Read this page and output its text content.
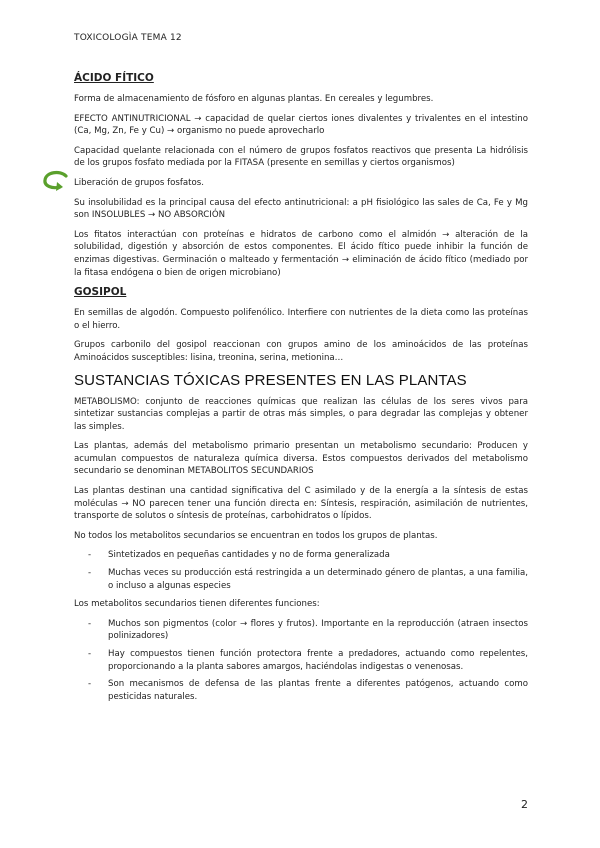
TOXICOLOGÌA TEMA 12
ÁCIDO FÍTICO

Forma de almacenamiento de fósforo en algunas plantas. En cereales y legumbres.

EFECTO ANTINUTRICIONAL → capacidad de quelar ciertos iones divalentes y trivalentes en el intestino (Ca, Mg, Zn, Fe y Cu) → organismo no puede aprovecharlo

Capacidad quelante relacionada con el número de grupos fosfatos reactivos que presenta La hidrólisis de los grupos fosfato mediada por la FITASA (presente en semillas y ciertos organismos)

Liberación de grupos fosfatos.

Su insolubilidad es la principal causa del efecto antinutricional: a pH fisiológico las sales de Ca, Fe y Mg son INSOLUBLES → NO ABSORCIÓN

Los fitatos interactúan con proteínas e hidratos de carbono como el almidón → alteración de la solubilidad, digestión y absorción de estos componentes. El ácido fítico puede inhibir la función de enzimas digestivas. Germinación o malteado y fermentación → eliminación de ácido fítico (mediado por la fitasa endógena o bien de origen microbiano)

GOSIPOL

En semillas de algodón. Compuesto polifenólico. Interfiere con nutrientes de la dieta como las proteínas o el hierro.

Grupos carbonilo del gosipol reaccionan con grupos amino de los aminoácidos de las proteínas Aminoácidos susceptibles: lisina, treonina, serina, metionina…

SUSTANCIAS TÓXICAS PRESENTES EN LAS PLANTAS

METABOLISMO: conjunto de reacciones químicas que realizan las células de los seres vivos para sintetizar sustancias complejas a partir de otras más simples, o para degradar las complejas y obtener las simples.

Las plantas, además del metabolismo primario presentan un metabolismo secundario: Producen y acumulan compuestos de naturaleza química diversa. Estos compuestos derivados del metabolismo secundario se denominan METABOLITOS SECUNDARIOS

Las plantas destinan una cantidad significativa del C asimilado y de la energía a la síntesis de estas moléculas → NO parecen tener una función directa en: Síntesis, respiración, asimilación de nutrientes, transporte de solutos o síntesis de proteínas, carbohidratos o lípidos.

No todos los metabolitos secundarios se encuentran en todos los grupos de plantas.

- Sintetizados en pequeñas cantidades y no de forma generalizada
- Muchas veces su producción está restringida a un determinado género de plantas, a una familia, o incluso a algunas especies

Los metabolitos secundarios tienen diferentes funciones:

- Muchos son pigmentos (color → flores y frutos). Importante en la reproducción (atraen insectos polinizadores)
- Hay compuestos tienen función protectora frente a predadores, actuando como repelentes, proporcionando a la planta sabores amargos, haciéndolas indigestas o venenosas.
- Son mecanismos de defensa de las plantas frente a diferentes patógenos, actuando como pesticidas naturales.
2
